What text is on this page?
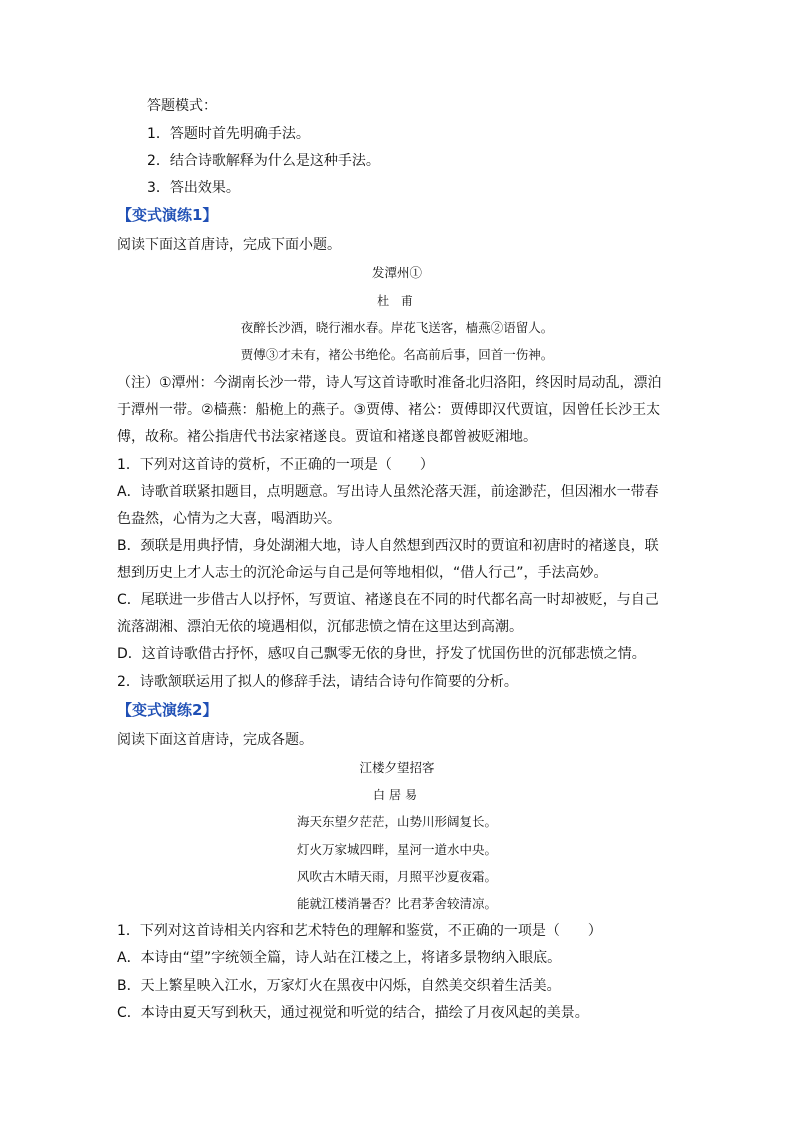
答题模式：
1．答题时首先明确手法。
2．结合诗歌解释为什么是这种手法。
3．答出效果。
【变式演练1】
阅读下面这首唐诗，完成下面小题。
发潭州①
杜 甫
夜醉长沙酒，晓行湘水春。岸花飞送客，樯燕②语留人。
贾傅③才未有，褚公书绝伦。名高前后事，回首一伤神。
（注）①潭州：今湖南长沙一带，诗人写这首诗歌时准备北归洛阳，终因时局动乱，漂泊
于潭州一带。②樯燕：船桅上的燕子。③贾傅、褚公：贾傅即汉代贾谊，因曾任长沙王太
傅，故称。褚公指唐代书法家褚遂良。贾谊和褚遂良都曾被贬湘地。
1．下列对这首诗的赏析，不正确的一项是（　　）
A．诗歌首联紧扣题目，点明题意。写出诗人虽然沦落天涯，前途渺茫，但因湘水一带春
色盎然，心情为之大喜，喝酒助兴。
B．颈联是用典抒情，身处湖湘大地，诗人自然想到西汉时的贾谊和初唐时的褚遂良，联
想到历史上才人志士的沉沦命运与自己是何等地相似，“借人行己”，手法高妙。
C．尾联进一步借古人以抒怀，写贾谊、褚遂良在不同的时代都名高一时却被贬，与自己
流落湖湘、漂泊无依的境遇相似，沉郁悲愤之情在这里达到高潮。
D．这首诗歌借古抒怀，感叹自己飘零无依的身世，抒发了忧国伤世的沉郁悲愤之情。
2．诗歌颔联运用了拟人的修辞手法，请结合诗句作简要的分析。
【变式演练2】
阅读下面这首唐诗，完成各题。
江楼夕望招客
白居易
海天东望夕茫茫，山势川形阔复长。
灯火万家城四畔，星河一道水中央。
风吹古木晴天雨，月照平沙夏夜霜。
能就江楼消暑否？比君茅舍较清凉。
1．下列对这首诗相关内容和艺术特色的理解和鉴赏，不正确的一项是（　　）
A．本诗由“望”字统领全篇，诗人站在江楼之上，将诸多景物纳入眼底。
B．天上繁星映入江水，万家灯火在黑夜中闪烁，自然美交织着生活美。
C．本诗由夏天写到秋天，通过视觉和听觉的结合，描绘了月夜风起的美景。
